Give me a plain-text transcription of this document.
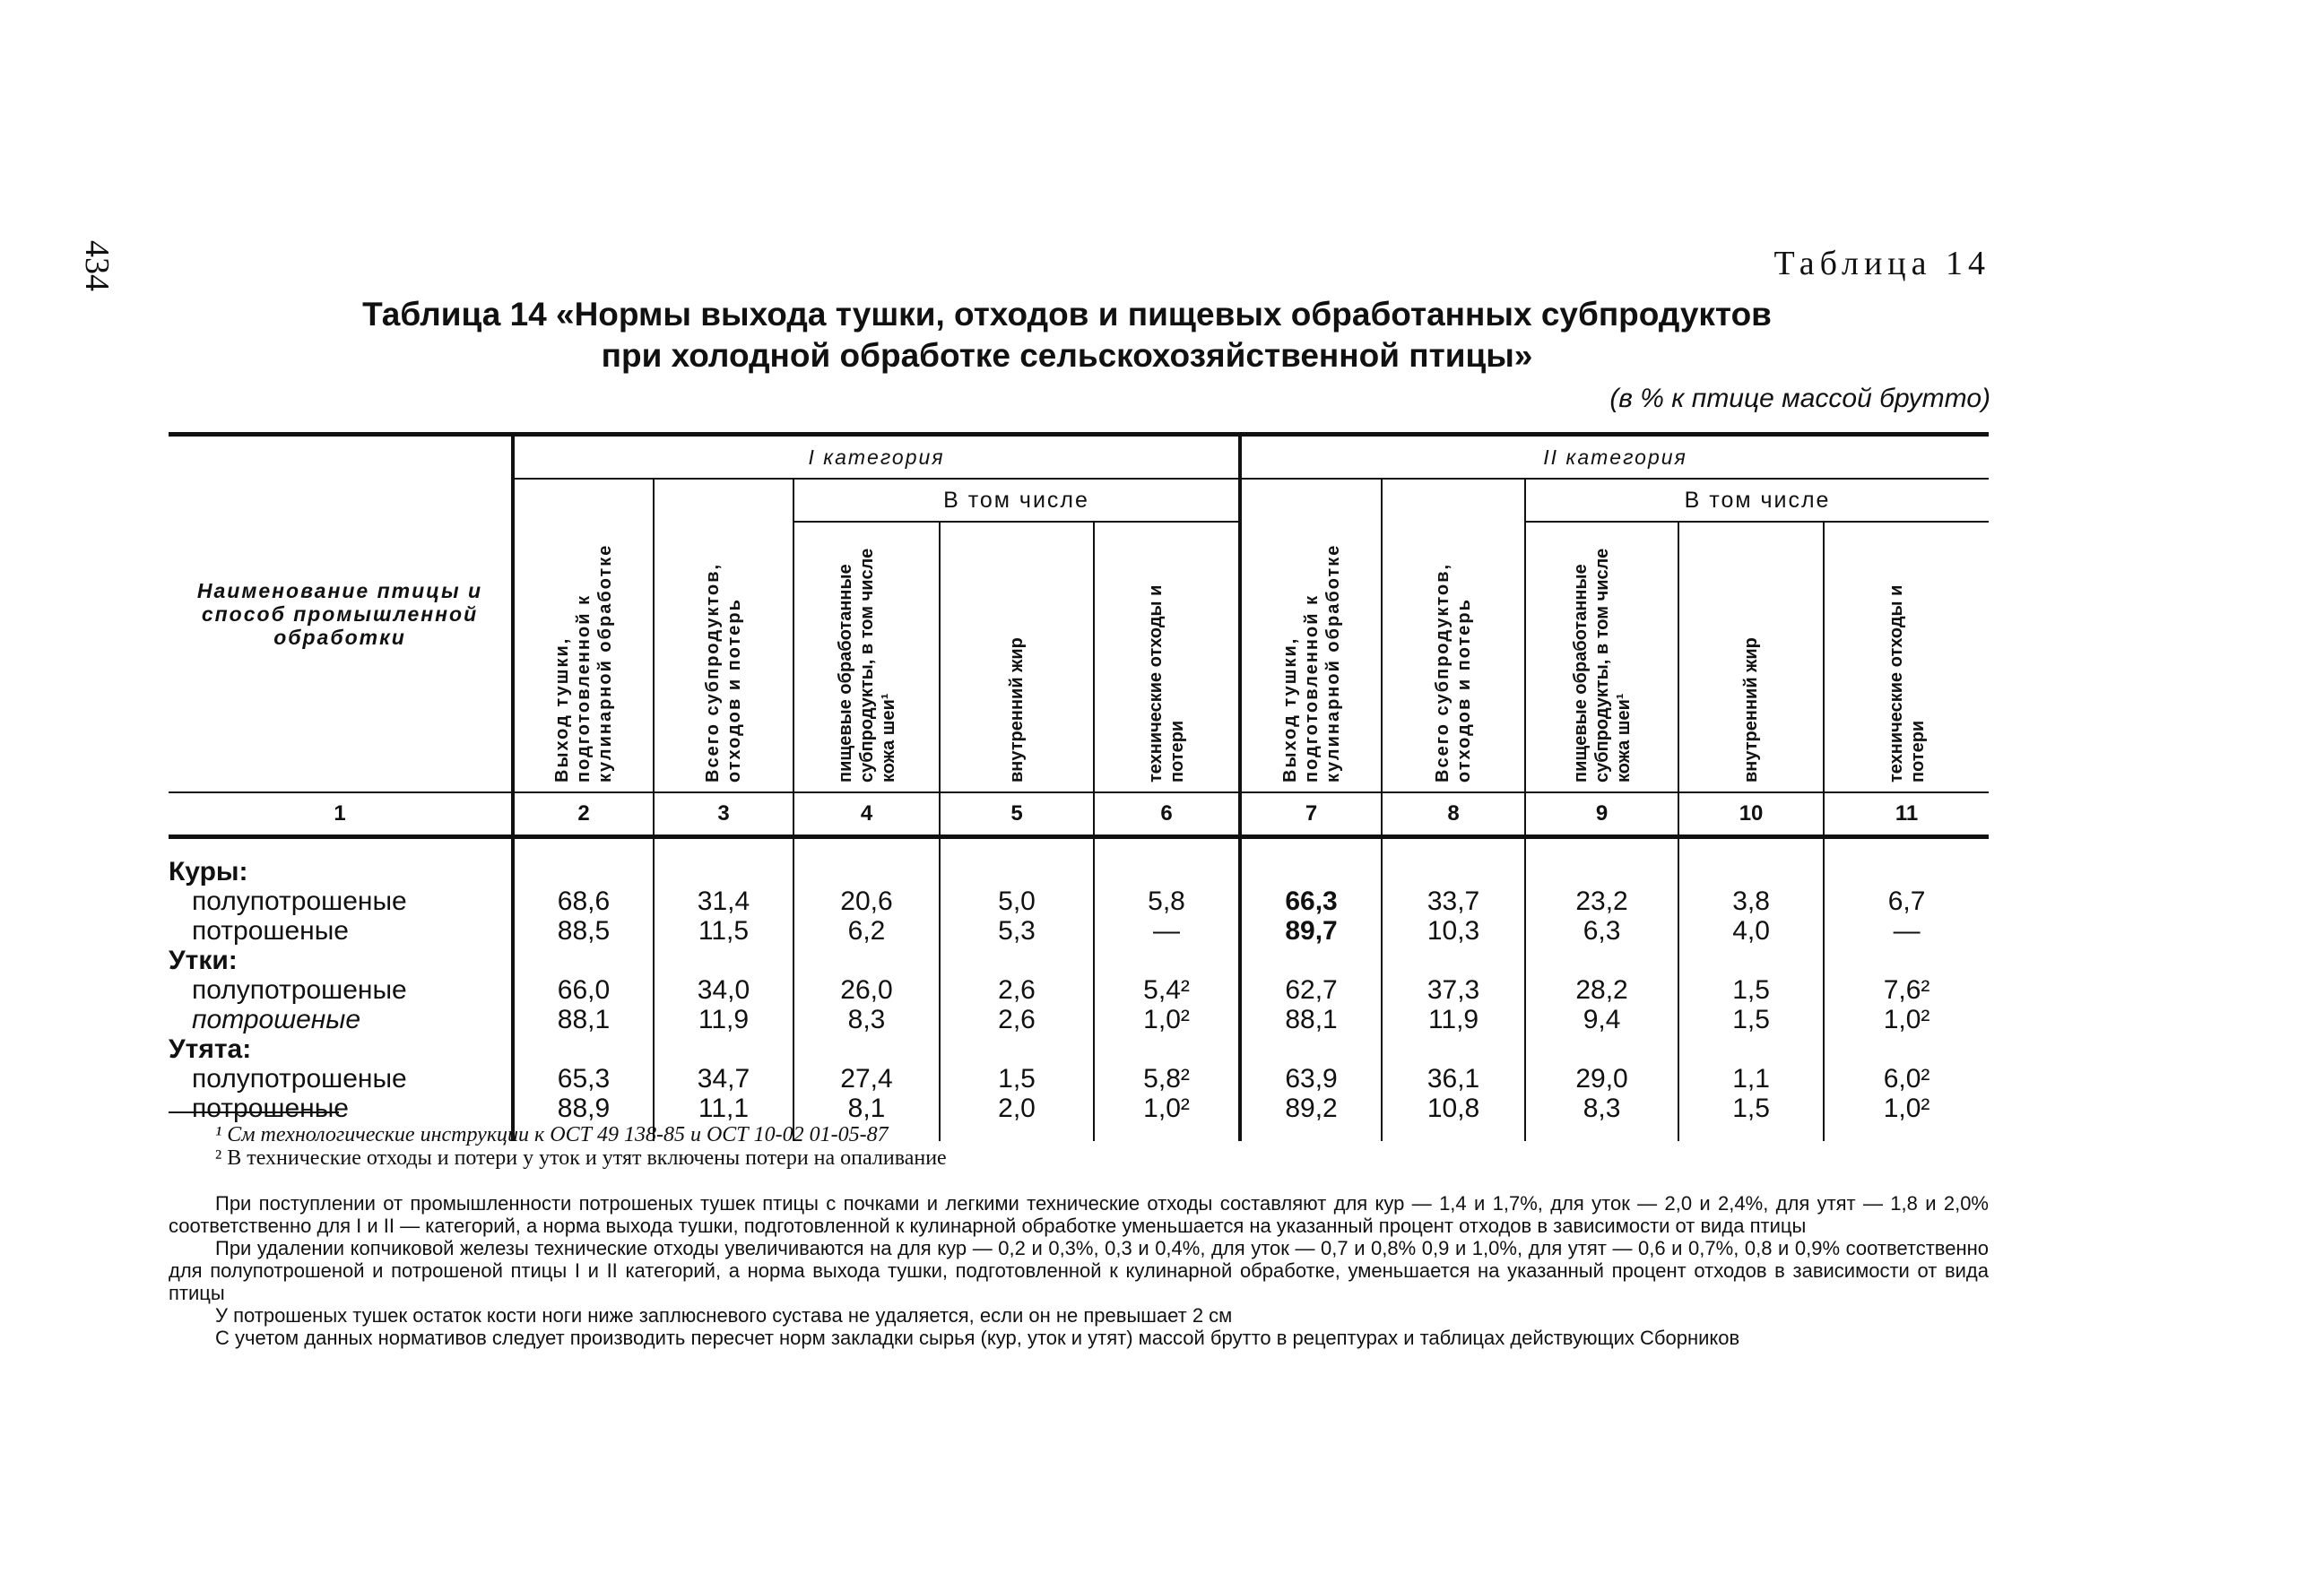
434	Таблица 14
Таблица 14 «Нормы выхода тушки, отходов и пищевых обработанных субпродуктов
при холодной обработке сельскохозяйственной птицы»
(в % к птице массой брутто)
Наименование птицы и способ промышленной обработки	I категория					II категория				

	Выход тушки, подготовленной к кулинарной обработке	Всего субпродуктов, отходов и потерь	В том числе			Выход тушки, подготовленной к кулинарной обработке	Всего субпродуктов, отходов и потерь	В том числе		

			пищевые обработанные субпродукты, в том числе кожа шеи¹	внутренний жир	технические отходы и потери			пищевые обработанные субпродукты, в том числе кожа шеи¹	внутренний жир	технические отходы и потери

1	2	3	4	5	6	7	8	9	10	11
Куры:										
полупотрошеные	68,6	31,4	20,6	5,0	5,8	66,3	33,7	23,2	3,8	6,7
потрошеные	88,5	11,5	6,2	5,3	—	89,7	10,3	6,3	4,0	—
Утки:										
полупотрошеные	66,0	34,0	26,0	2,6	5,4²	62,7	37,3	28,2	1,5	7,6²
потрошеные	88,1	11,9	8,3	2,6	1,0²	88,1	11,9	9,4	1,5	1,0²
Утята:										
полупотрошеные	65,3	34,7	27,4	1,5	5,8²	63,9	36,1	29,0	1,1	6,0²
потрошеные	88,9	11,1	8,1	2,0	1,0²	89,2	10,8	8,3	1,5	1,0²
¹ См технологические инструкции к ОСТ 49 138-85 и ОСТ 10-02 01-05-87
² В технические отходы и потери у уток и утят включены потери на опаливание

При поступлении от промышленности потрошеных тушек птицы с почками и легкими технические отходы составляют для кур — 1,4 и 1,7%, для уток — 2,0 и 2,4%, для утят — 1,8 и 2,0% соответственно для I и II — категорий, а норма выхода тушки, подготовленной к кулинарной обработке уменьшается на указанный процент отходов в зависимости от вида птицы

При удалении копчиковой железы технические отходы увеличиваются на для кур — 0,2 и 0,3%, 0,3 и 0,4%, для уток — 0,7 и 0,8% 0,9 и 1,0%, для утят — 0,6 и 0,7%, 0,8 и 0,9% соответственно для полупотрошеной и потрошеной птицы I и II категорий, а норма выхода тушки, подготовленной к кулинарной обработке, уменьшается на указанный процент отходов в зависимости от вида птицы

У потрошеных тушек остаток кости ноги ниже заплюсневого сустава не удаляется, если он не превышает 2 см

С учетом данных нормативов следует производить пересчет норм закладки сырья (кур, уток и утят) массой брутто в рецептурах и таблицах действующих Сборников
